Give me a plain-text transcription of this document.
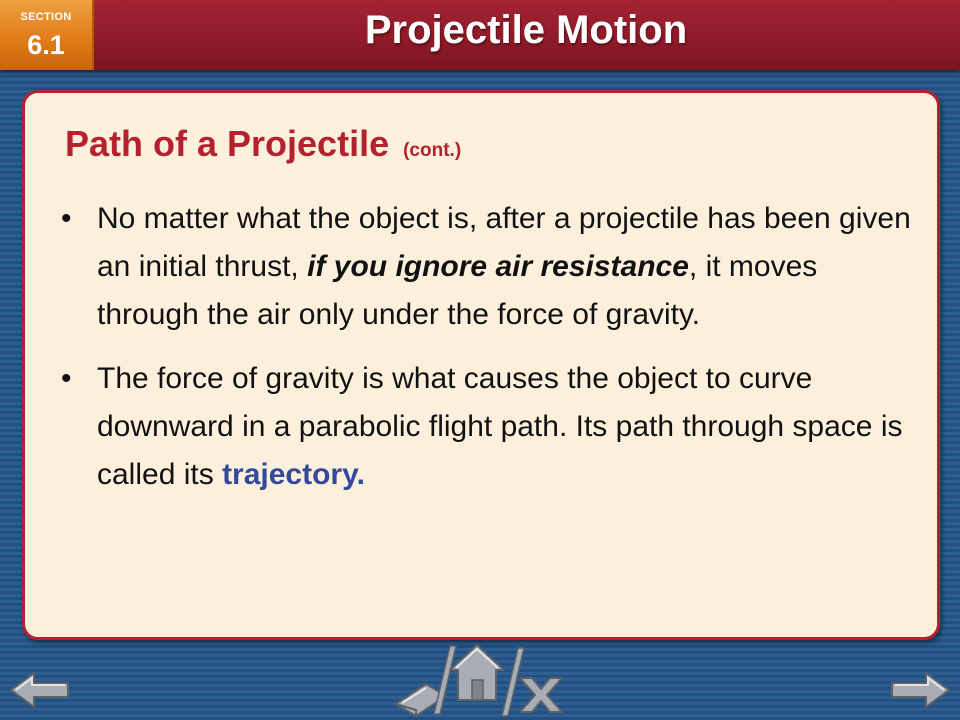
SECTION
6.1	Projectile Motion
Path of a Projectile (cont.)
• No matter what the object is, after a projectile has been given an initial thrust, if you ignore air resistance, it moves through the air only under the force of gravity.
• The force of gravity is what causes the object to curve downward in a parabolic flight path. Its path through space is called its trajectory.
